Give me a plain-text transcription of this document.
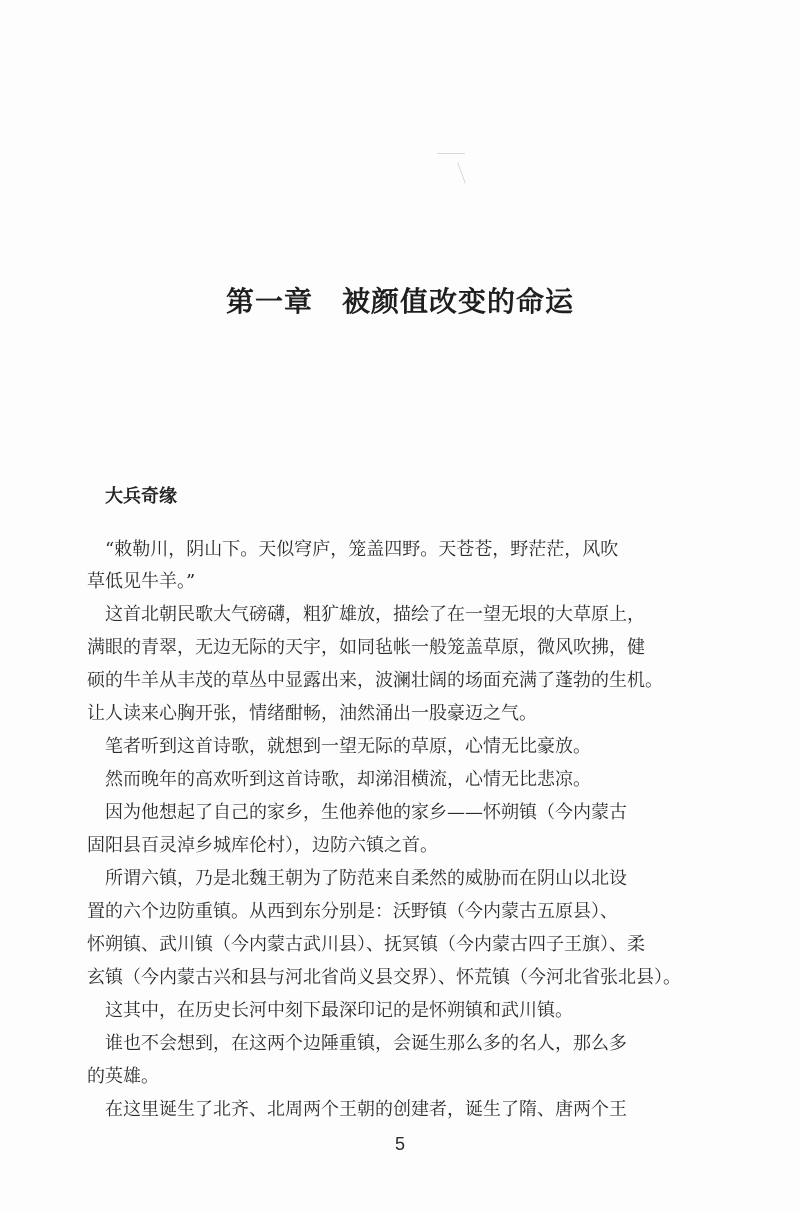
第一章　被颜值改变的命运
大兵奇缘
“敕勒川，阴山下。天似穹庐，笼盖四野。天苍苍，野茫茫，风吹
草低见牛羊。”
这首北朝民歌大气磅礴，粗犷雄放，描绘了在一望无垠的大草原上，
满眼的青翠，无边无际的天宇，如同毡帐一般笼盖草原，微风吹拂，健
硕的牛羊从丰茂的草丛中显露出来，波澜壮阔的场面充满了蓬勃的生机。
让人读来心胸开张，情绪酣畅，油然涌出一股豪迈之气。
笔者听到这首诗歌，就想到一望无际的草原，心情无比豪放。
然而晚年的高欢听到这首诗歌，却涕泪横流，心情无比悲凉。
因为他想起了自己的家乡，生他养他的家乡——怀朔镇（今内蒙古
固阳县百灵淖乡城库伦村），边防六镇之首。
所谓六镇，乃是北魏王朝为了防范来自柔然的威胁而在阴山以北设
置的六个边防重镇。从西到东分别是：沃野镇（今内蒙古五原县）、
怀朔镇、武川镇（今内蒙古武川县）、抚冥镇（今内蒙古四子王旗）、柔
玄镇（今内蒙古兴和县与河北省尚义县交界）、怀荒镇（今河北省张北县）。
这其中，在历史长河中刻下最深印记的是怀朔镇和武川镇。
谁也不会想到，在这两个边陲重镇，会诞生那么多的名人，那么多
的英雄。
在这里诞生了北齐、北周两个王朝的创建者，诞生了隋、唐两个王
5
